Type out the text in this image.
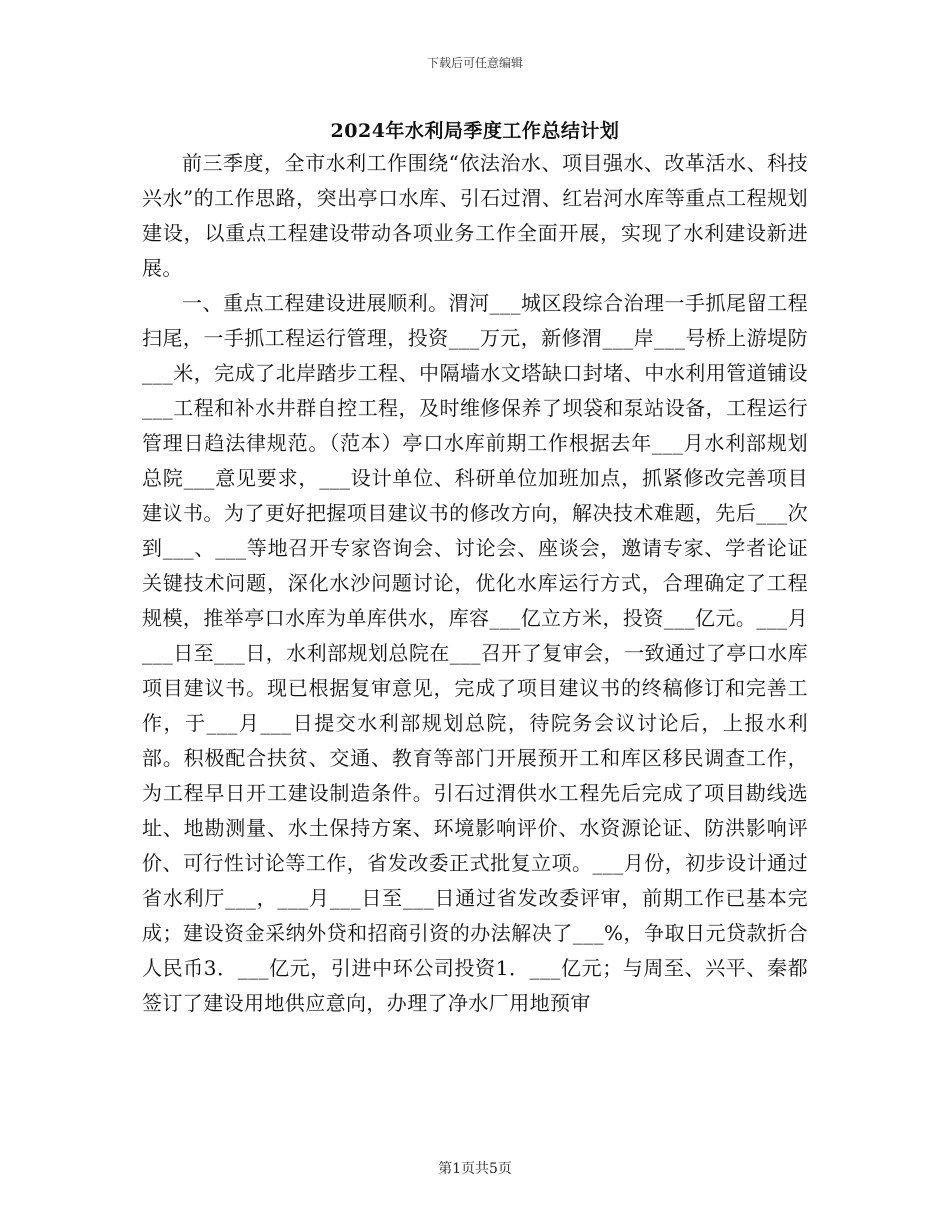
下载后可任意编辑
2024年水利局季度工作总结计划

前三季度，全市水利工作围绕“依法治水、项目强水、改革活水、科技兴水”的工作思路，突出亭口水库、引石过渭、红岩河水库等重点工程规划建设，以重点工程建设带动各项业务工作全面开展，实现了水利建设新进展。

一、重点工程建设进展顺利。渭河___城区段综合治理一手抓尾留工程扫尾，一手抓工程运行管理，投资___万元，新修渭___岸___号桥上游堤防___米，完成了北岸踏步工程、中隔墙水文塔缺口封堵、中水利用管道铺设___工程和补水井群自控工程，及时维修保养了坝袋和泵站设备，工程运行管理日趋法律规范。（范本）亭口水库前期工作根据去年___月水利部规划总院___意见要求，___设计单位、科研单位加班加点，抓紧修改完善项目建议书。为了更好把握项目建议书的修改方向，解决技术难题，先后___次到___、___等地召开专家咨询会、讨论会、座谈会，邀请专家、学者论证关键技术问题，深化水沙问题讨论，优化水库运行方式，合理确定了工程规模，推举亭口水库为单库供水，库容___亿立方米，投资___亿元。___月___日至___日，水利部规划总院在___召开了复审会，一致通过了亭口水库项目建议书。现已根据复审意见，完成了项目建议书的终稿修订和完善工作，于___月___日提交水利部规划总院，待院务会议讨论后，上报水利部。积极配合扶贫、交通、教育等部门开展预开工和库区移民调查工作，为工程早日开工建设制造条件。引石过渭供水工程先后完成了项目勘线选址、地勘测量、水土保持方案、环境影响评价、水资源论证、防洪影响评价、可行性讨论等工作，省发改委正式批复立项。___月份，初步设计通过省水利厅___，___月___日至___日通过省发改委评审，前期工作已基本完成；建设资金采纳外贷和招商引资的办法解决了___%，争取日元贷款折合人民币3．___亿元，引进中环公司投资1．___亿元；与周至、兴平、秦都签订了建设用地供应意向，办理了净水厂用地预审

第1页共5页
